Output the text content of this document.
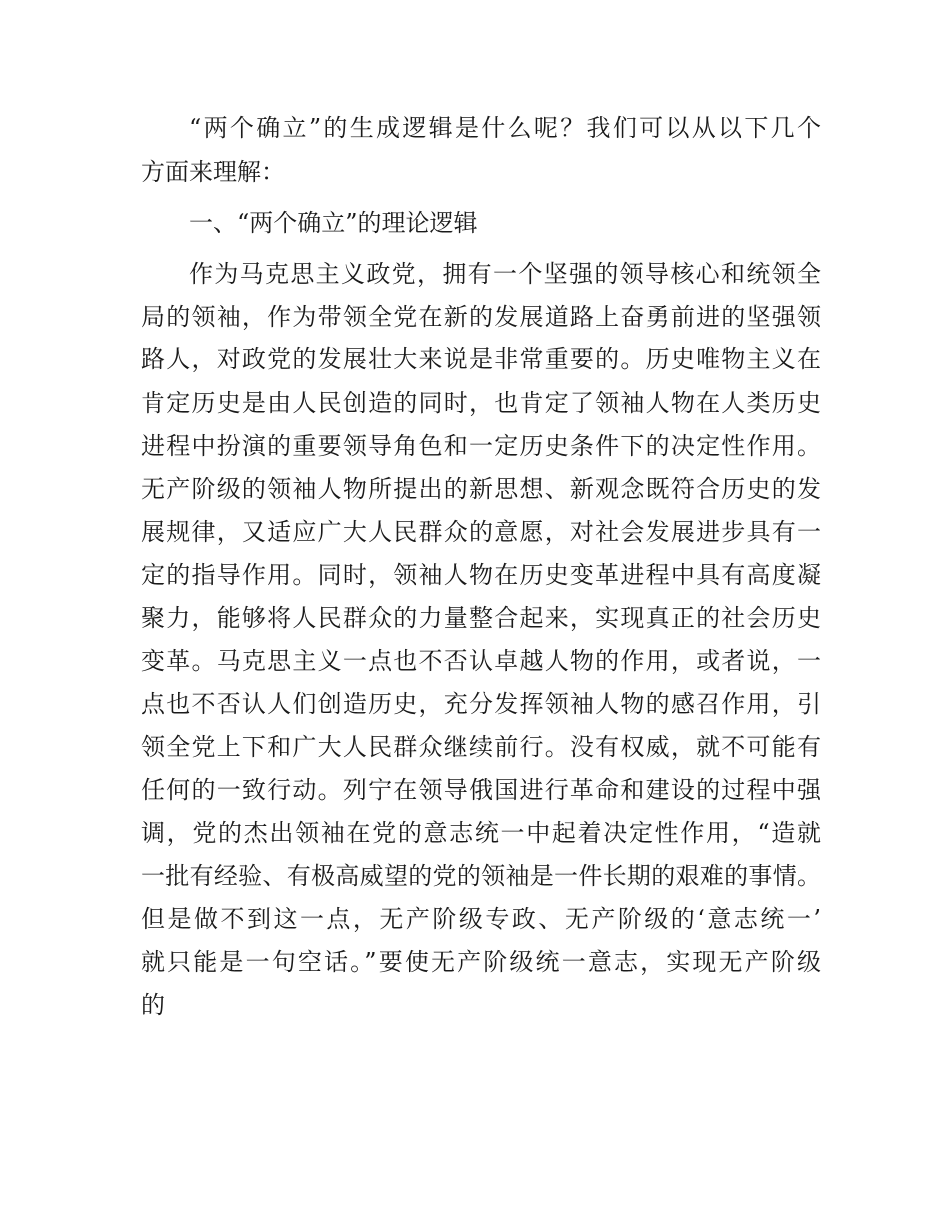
“两个确立”的生成逻辑是什么呢？我们可以从以下几个
方面来理解：
一、“两个确立”的理论逻辑
作为马克思主义政党，拥有一个坚强的领导核心和统领全
局的领袖，作为带领全党在新的发展道路上奋勇前进的坚强领
路人，对政党的发展壮大来说是非常重要的。历史唯物主义在
肯定历史是由人民创造的同时，也肯定了领袖人物在人类历史
进程中扮演的重要领导角色和一定历史条件下的决定性作用。
无产阶级的领袖人物所提出的新思想、新观念既符合历史的发
展规律，又适应广大人民群众的意愿，对社会发展进步具有一
定的指导作用。同时，领袖人物在历史变革进程中具有高度凝
聚力，能够将人民群众的力量整合起来，实现真正的社会历史
变革。马克思主义一点也不否认卓越人物的作用，或者说，一
点也不否认人们创造历史，充分发挥领袖人物的感召作用，引
领全党上下和广大人民群众继续前行。没有权威，就不可能有
任何的一致行动。列宁在领导俄国进行革命和建设的过程中强
调，党的杰出领袖在党的意志统一中起着决定性作用，“造就
一批有经验、有极高威望的党的领袖是一件长期的艰难的事情。
但是做不到这一点，无产阶级专政、无产阶级的‘意志统一’
就只能是一句空话。”要使无产阶级统一意志，实现无产阶级
的
